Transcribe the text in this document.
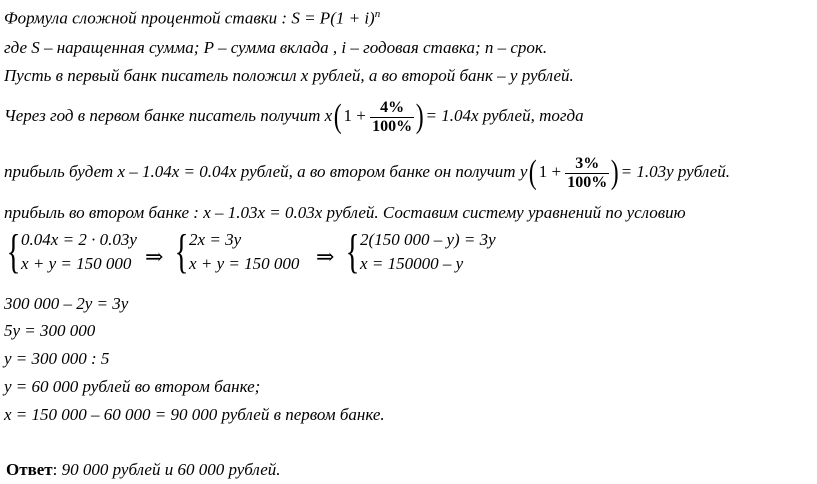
Формула сложной процентой ставки : $S = P(1 + i)^n$
где S – наращенная сумма; P – сумма вклада , i – годовая ставка; n – срок.
Пусть в первый банк писатель положил x рублей, а во второй банк – y рублей.
Через год в первом банке писатель получит $x(1 + \frac{4\%}{100\%}$ )= 1.04x рублей, тогда
прибыль будет x – 1.04x = 0.04x рублей, а во втором банке он получит $y(1 + \frac{3\%}{100\%}$ )= 1.03y рублей.
прибыль во втором банке : x – 1.03x = 0.03x рублей. Составим систему уравнений по условию
{ 0.04x = 2 · 0.03y
x + y = 150 000 ⇒ { 2x = 3y
x + y = 150 000 ⇒ { 2(150 000 – y) = 3y
x = 150000 – y
300 000 – 2y = 3y
5y = 300 000
y = 300 000 : 5
y = 60 000 рублей во втором банке;
x = 150 000 – 60 000 = 90 000 рублей в первом банке.
Ответ: 90 000 рублей и 60 000 рублей.
